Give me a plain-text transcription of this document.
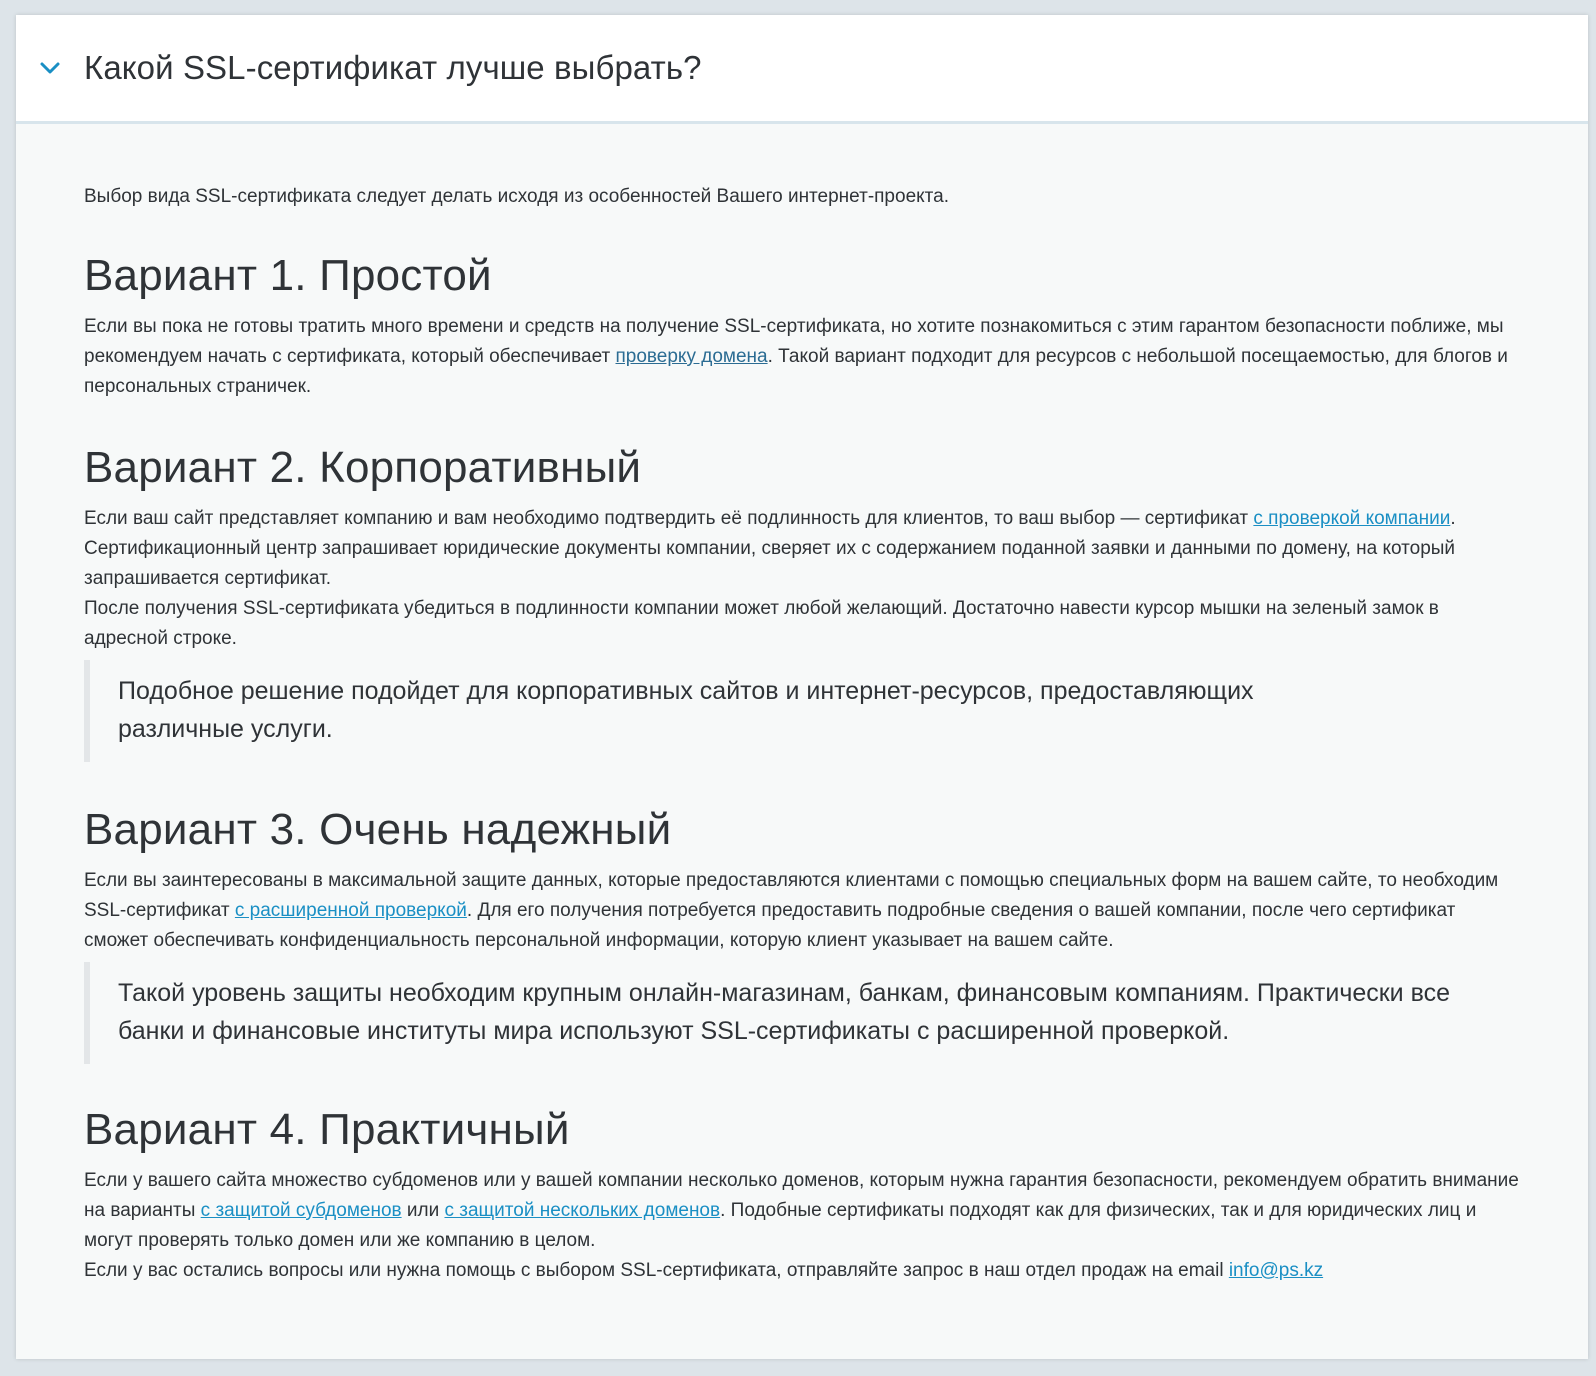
Какой SSL-сертификат лучше выбрать?

Выбор вида SSL-сертификата следует делать исходя из особенностей Вашего интернет-проекта.

Вариант 1. Простой

Если вы пока не готовы тратить много времени и средств на получение SSL-сертификата, но хотите познакомиться с этим гарантом безопасности поближе, мы рекомендуем начать с сертификата, который обеспечивает проверку домена. Такой вариант подходит для ресурсов с небольшой посещаемостью, для блогов и персональных страничек.

Вариант 2. Корпоративный

Если ваш сайт представляет компанию и вам необходимо подтвердить её подлинность для клиентов, то ваш выбор — сертификат с проверкой компании.

Сертификационный центр запрашивает юридические документы компании, сверяет их с содержанием поданной заявки и данными по домену, на который запрашивается сертификат.

После получения SSL-сертификата убедиться в подлинности компании может любой желающий. Достаточно навести курсор мышки на зеленый замок в адресной строке.

Подобное решение подойдет для корпоративных сайтов и интернет-ресурсов, предоставляющих различные услуги.
Вариант 3. Очень надежный

Если вы заинтересованы в максимальной защите данных, которые предоставляются клиентами с помощью специальных форм на вашем сайте, то необходим SSL-сертификат с расширенной проверкой. Для его получения потребуется предоставить подробные сведения о вашей компании, после чего сертификат сможет обеспечивать конфиденциальность персональной информации, которую клиент указывает на вашем сайте.

Такой уровень защиты необходим крупным онлайн-магазинам, банкам, финансовым компаниям. Практически все банки и финансовые институты мира используют SSL-сертификаты с расширенной проверкой.
Вариант 4. Практичный

Если у вашего сайта множество субдоменов или у вашей компании несколько доменов, которым нужна гарантия безопасности, рекомендуем обратить внимание на варианты с защитой субдоменов или с защитой нескольких доменов. Подобные сертификаты подходят как для физических, так и для юридических лиц и могут проверять только домен или же компанию в целом.

Если у вас остались вопросы или нужна помощь с выбором SSL-сертификата, отправляйте запрос в наш отдел продаж на email info@ps.kz
